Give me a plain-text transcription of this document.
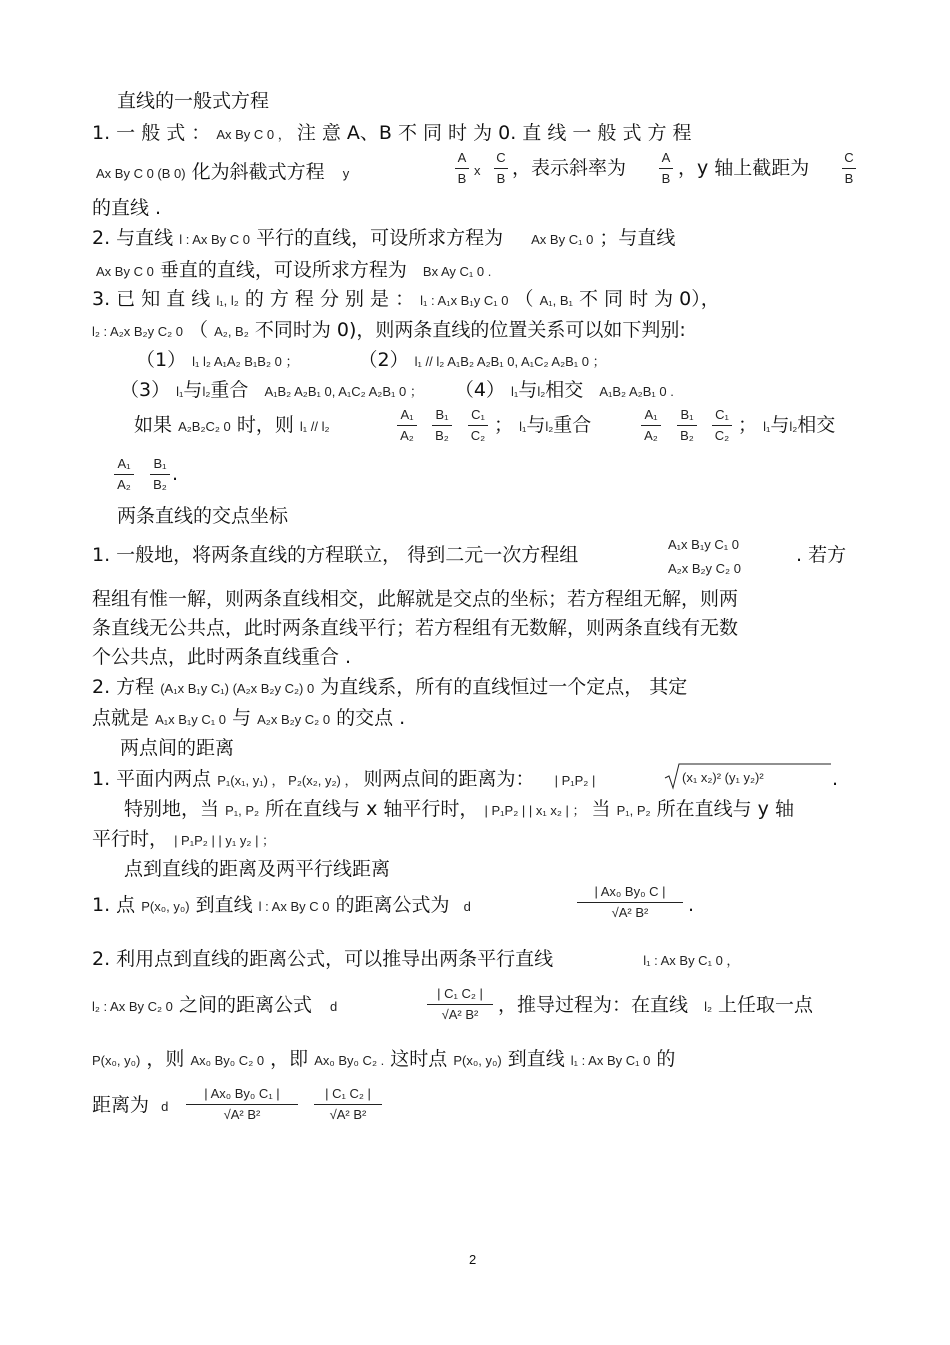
直线的一般式方程
1. 一 般 式 ： Ax By C 0 ， 注 意 A、B 不 同 时 为 0. 直 线 一 般 式 方 程
Ax By C 0 (B 0) 化为斜截式方程 y
A
B
x
C
B ，表示斜率为	A
B ，y 轴上截距为	C
B
的直线 .
2. 与直线 l : Ax By C 0 平行的直线，可设所求方程为 Ax By C₁ 0 ；与直线
Ax By C 0 垂直的直线，可设所求方程为 Bx Ay C₁ 0 .
3. 已 知 直 线 l₁, l₂ 的 方 程 分 别 是 ： l₁ : A₁x B₁y C₁ 0 （ A₁, B₁ 不 同 时 为 0），
l₂ : A₂x B₂y C₂ 0 （ A₂, B₂ 不同时为 0)，则两条直线的位置关系可以如下判别:
（1） l₁ l₂ A₁A₂ B₁B₂ 0 ；	（2） l₁ // l₂ A₁B₂ A₂B₁ 0, A₁C₂ A₂B₁ 0 ；
（3） l₁与l₂重合 A₁B₂ A₂B₁ 0, A₁C₂ A₂B₁ 0 ； （4） l₁与l₂相交 A₁B₂ A₂B₁ 0 .
如果 A₂B₂C₂ 0 时，则 l₁ // l₂
A₁
A₂
B₁
B₂
C₁
C₂ ； l₁与l₂重合	A₁
A₂
B₁
B₂
C₁
C₂ ； l₁与l₂相交
A₁
A₂
B₁
B₂ .
两条直线的交点坐标
1. 一般地，将两条直线的方程联立， 得到二元一次方程组	A₁x B₁y C₁ 0
A₂x B₂y C₂ 0
. 若方
程组有惟一解，则两条直线相交，此解就是交点的坐标；若方程组无解，则两
条直线无公共点，此时两条直线平行；若方程组有无数解，则两条直线有无数
个公共点，此时两条直线重合 .
2. 方程 (A₁x B₁y C₁) (A₂x B₂y C₂) 0 为直线系，所有的直线恒过一个定点， 其定
点就是 A₁x B₁y C₁ 0 与 A₂x B₂y C₂ 0 的交点 .
两点间的距离
1. 平面内两点 P₁(x₁, y₁) ， P₂(x₂, y₂) ， 则两点间的距离为： | P₁P₂ |	(x₁ x₂)² (y₁ y₂)²	.
特别地，当 P₁, P₂ 所在直线与 x 轴平行时， | P₁P₂ | | x₁ x₂ | ； 当 P₁, P₂ 所在直线与 y 轴
平行时， | P₁P₂ | | y₁ y₂ | ；
点到直线的距离及两平行线距离
1. 点 P(x₀, y₀) 到直线 l : Ax By C 0 的距离公式为 d
| Ax₀ By₀ C |
√A² B²	.
2. 利用点到直线的距离公式，可以推导出两条平行直线	l₁ : Ax By C₁ 0 ，
l₂ : Ax By C₂ 0 之间的距离公式 d
| C₁ C₂ |
√A² B²	，推导过程为：在直线 l₂ 上任取一点
P(x₀, y₀) ，则 Ax₀ By₀ C₂ 0 ，即 Ax₀ By₀ C₂ . 这时点 P(x₀, y₀) 到直线 l₁ : Ax By C₁ 0 的
距离为 d
| Ax₀ By₀ C₁ |
√A² B²
| C₁ C₂ |
√A² B²
2
